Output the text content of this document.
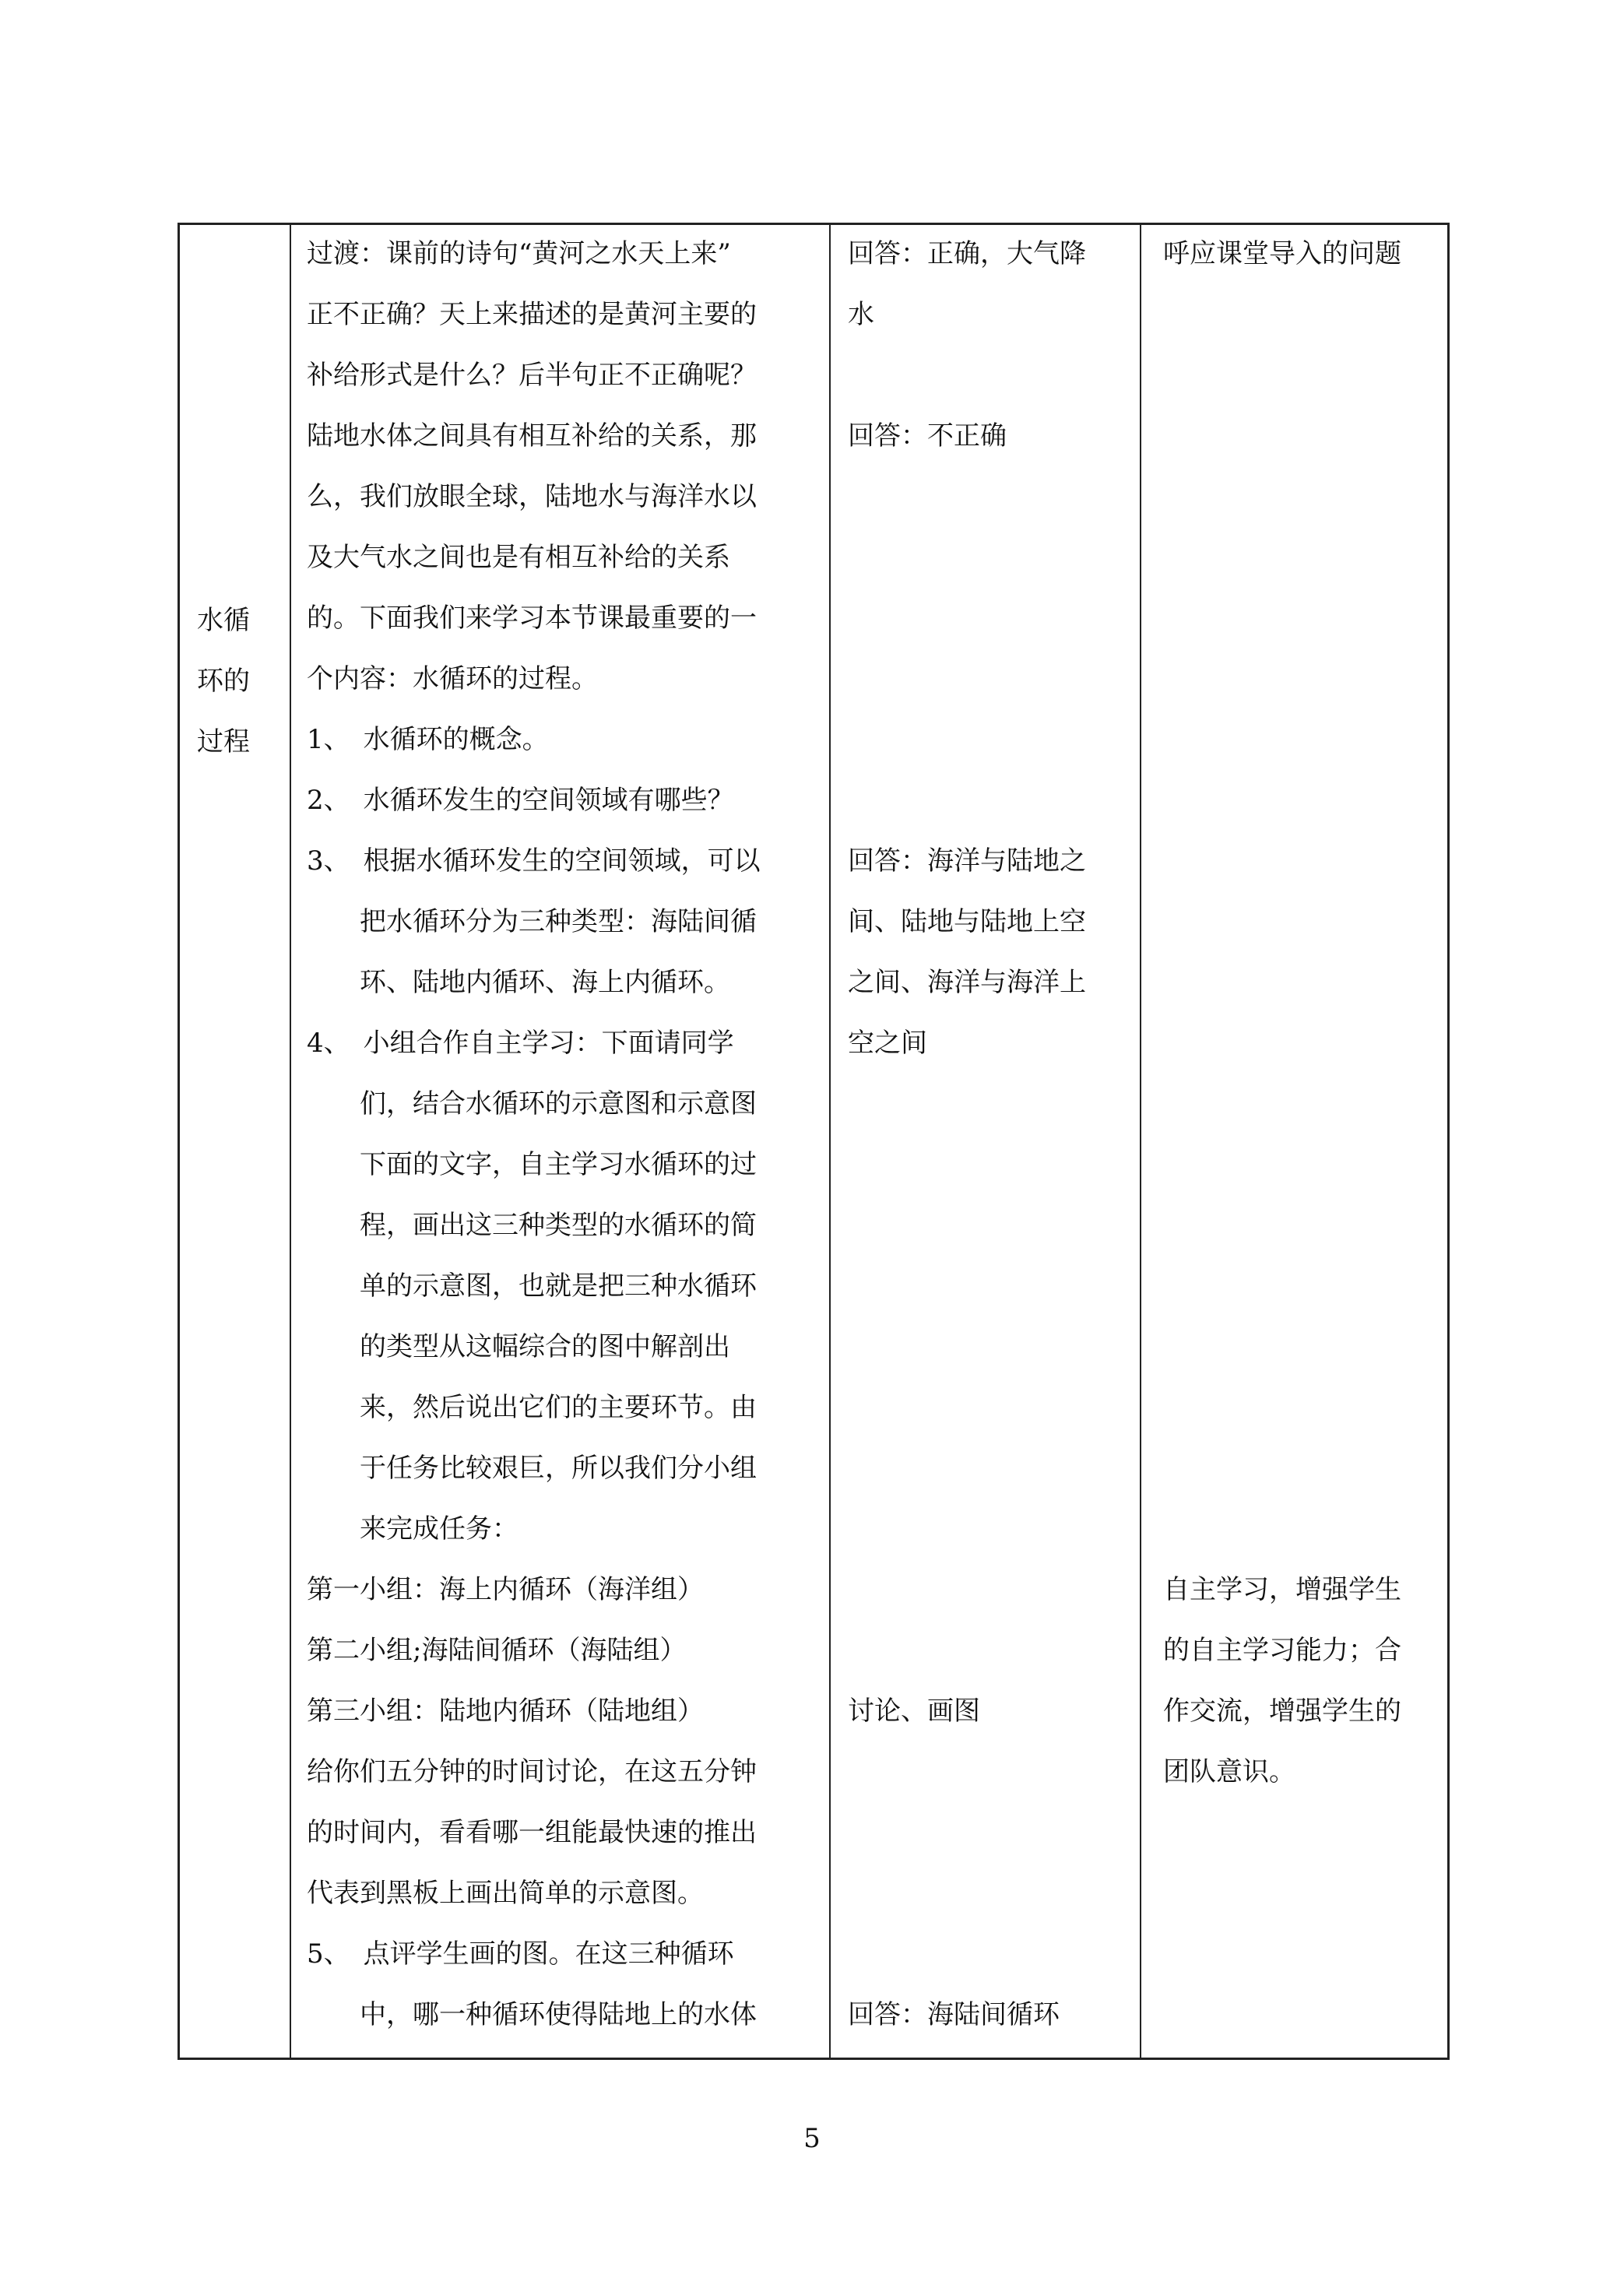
水循
环的
过程
过渡：课前的诗句“黄河之水天上来”
正不正确？天上来描述的是黄河主要的
补给形式是什么？后半句正不正确呢？
陆地水体之间具有相互补给的关系，那
么，我们放眼全球，陆地水与海洋水以
及大气水之间也是有相互补给的关系
的。下面我们来学习本节课最重要的一
个内容：水循环的过程。
1、　水循环的概念。
2、　水循环发生的空间领域有哪些？
3、　根据水循环发生的空间领域，可以
把水循环分为三种类型：海陆间循
环、陆地内循环、海上内循环。
4、　小组合作自主学习：下面请同学
们，结合水循环的示意图和示意图
下面的文字，自主学习水循环的过
程，画出这三种类型的水循环的简
单的示意图，也就是把三种水循环
的类型从这幅综合的图中解剖出
来，然后说出它们的主要环节。由
于任务比较艰巨，所以我们分小组
来完成任务：
第一小组：海上内循环（海洋组）
第二小组;海陆间循环（海陆组）
第三小组：陆地内循环（陆地组）
给你们五分钟的时间讨论，在这五分钟
的时间内，看看哪一组能最快速的推出
代表到黑板上画出简单的示意图。
5、　点评学生画的图。在这三种循环
中，哪一种循环使得陆地上的水体
回答：正确，大气降
水
回答：不正确
回答：海洋与陆地之
间、陆地与陆地上空
之间、海洋与海洋上
空之间
讨论、画图
回答：海陆间循环
呼应课堂导入的问题
自主学习，增强学生
的自主学习能力；合
作交流，增强学生的
团队意识。
5
